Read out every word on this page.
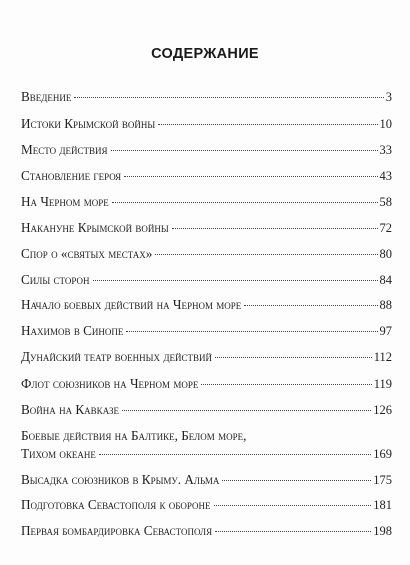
СОДЕРЖАНИЕ
Введение	3
Истоки Крымской войны	10
Место действия	33
Становление героя	43
На Черном море	58
Накануне Крымской войны	72
Спор о «святых местах»	80
Силы сторон	84
Начало боевых действий на Черном море	88
Нахимов в Синопе	97
Дунайский театр военных действий	112
Флот союзников на Черном море	119
Война на Кавказе	126
Боевые действия на Балтике, Белом море,
Тихом океане	169
Высадка союзников в Крыму. Альма	175
Подготовка Севастополя к обороне	181
Первая бомбардировка Севастополя	198
